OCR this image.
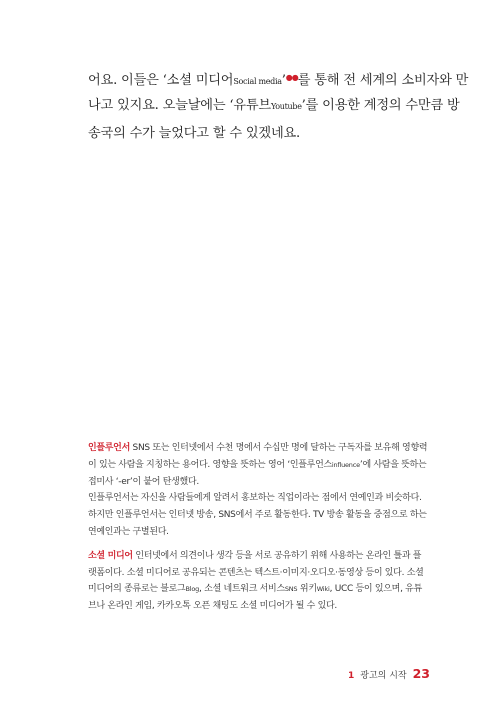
어요. 이들은 ‘소셜 미디어Social media’●●를 통해 전 세계의 소비자와 만
나고 있지요. 오늘날에는 ‘유튜브Youtube’를 이용한 계정의 수만큼 방
송국의 수가 늘었다고 할 수 있겠네요.
인플루언서 SNS 또는 인터넷에서 수천 명에서 수십만 명에 달하는 구독자를 보유해 영향력
이 있는 사람을 지칭하는 용어다. 영향을 뜻하는 영어 ‘인플루언스influence’에 사람을 뜻하는
접미사 ‘-er’이 붙어 탄생했다.
인플루언서는 자신을 사람들에게 알려서 홍보하는 직업이라는 점에서 연예인과 비슷하다.
하지만 인플루언서는 인터넷 방송, SNS에서 주로 활동한다. TV 방송 활동을 중점으로 하는
연예인과는 구별된다.
소셜 미디어 인터넷에서 의견이나 생각 등을 서로 공유하기 위해 사용하는 온라인 틀과 플
랫폼이다. 소셜 미디어로 공유되는 콘텐츠는 텍스트·이미지·오디오·동영상 등이 있다. 소셜
미디어의 종류로는 블로그Blog, 소셜 네트워크 서비스SNS 위키Wiki, UCC 등이 있으며, 유튜
브나 온라인 게임, 카카오톡 오픈 채팅도 소셜 미디어가 될 수 있다.
1 광고의 시작 23
